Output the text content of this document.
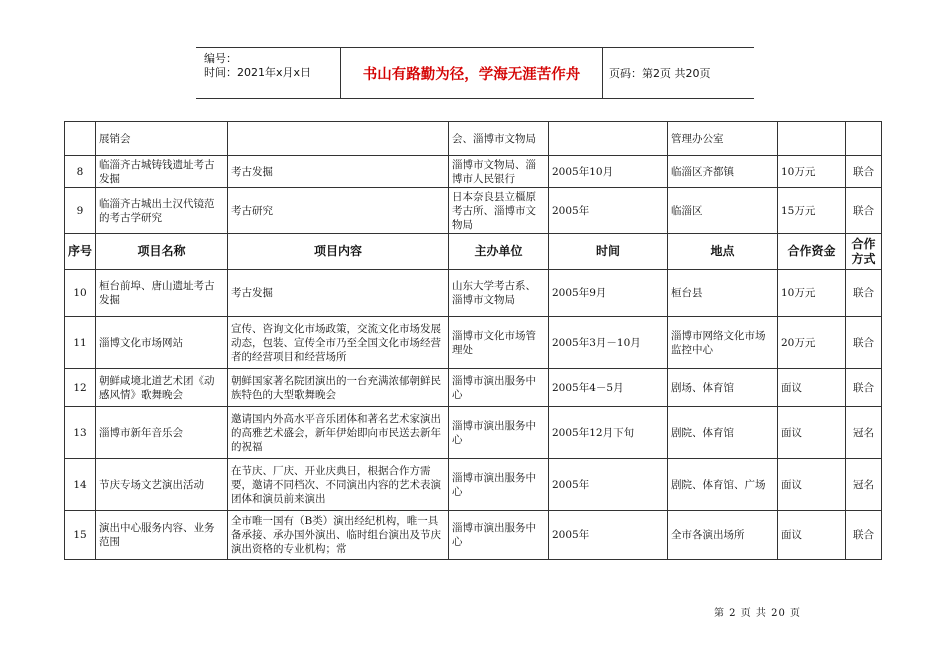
编号：
时间：2021年x月x日	书山有路勤为径，学海无涯苦作舟	页码：第2页 共20页
	展销会		会、淄博市文物局		管理办公室		
8	临淄齐古城铸钱遗址考古发掘	考古发掘	淄博市文物局、淄博市人民银行	2005年10月	临淄区齐都镇	10万元	联合
9	临淄齐古城出土汉代镜范的考古学研究	考古研究	日本奈良县立橿原考古所、淄博市文物局	2005年	临淄区	15万元	联合
序号	项目名称	项目内容	主办单位	时间	地点	合作资金	合作方式
10	桓台前埠、唐山遗址考古发掘	考古发掘	山东大学考古系、淄博市文物局	2005年9月	桓台县	10万元	联合
11	淄博文化市场网站	宣传、咨询文化市场政策，交流文化市场发展动态，包装、宣传全市乃至全国文化市场经营者的经营项目和经营场所	淄博市文化市场管理处	2005年3月－10月	淄博市网络文化市场监控中心	20万元	联合
12	朝鲜咸境北道艺术团《动感风情》歌舞晚会	朝鲜国家著名院团演出的一台充满浓郁朝鲜民族特色的大型歌舞晚会	淄博市演出服务中心	2005年4－5月	剧场、体育馆	面议	联合
13	淄博市新年音乐会	邀请国内外高水平音乐团体和著名艺术家演出的高雅艺术盛会，新年伊始即向市民送去新年的祝福	淄博市演出服务中心	2005年12月下旬	剧院、体育馆	面议	冠名
14	节庆专场文艺演出活动	在节庆、厂庆、开业庆典日，根据合作方需要，邀请不同档次、不同演出内容的艺术表演团体和演员前来演出	淄博市演出服务中心	2005年	剧院、体育馆、广场	面议	冠名
15	演出中心服务内容、业务范围	全市唯一国有（B类）演出经纪机构，唯一具备承接、承办国外演出、临时组台演出及节庆演出资格的专业机构；常	淄博市演出服务中心	2005年	全市各演出场所	面议	联合
第 2 页 共 20 页
